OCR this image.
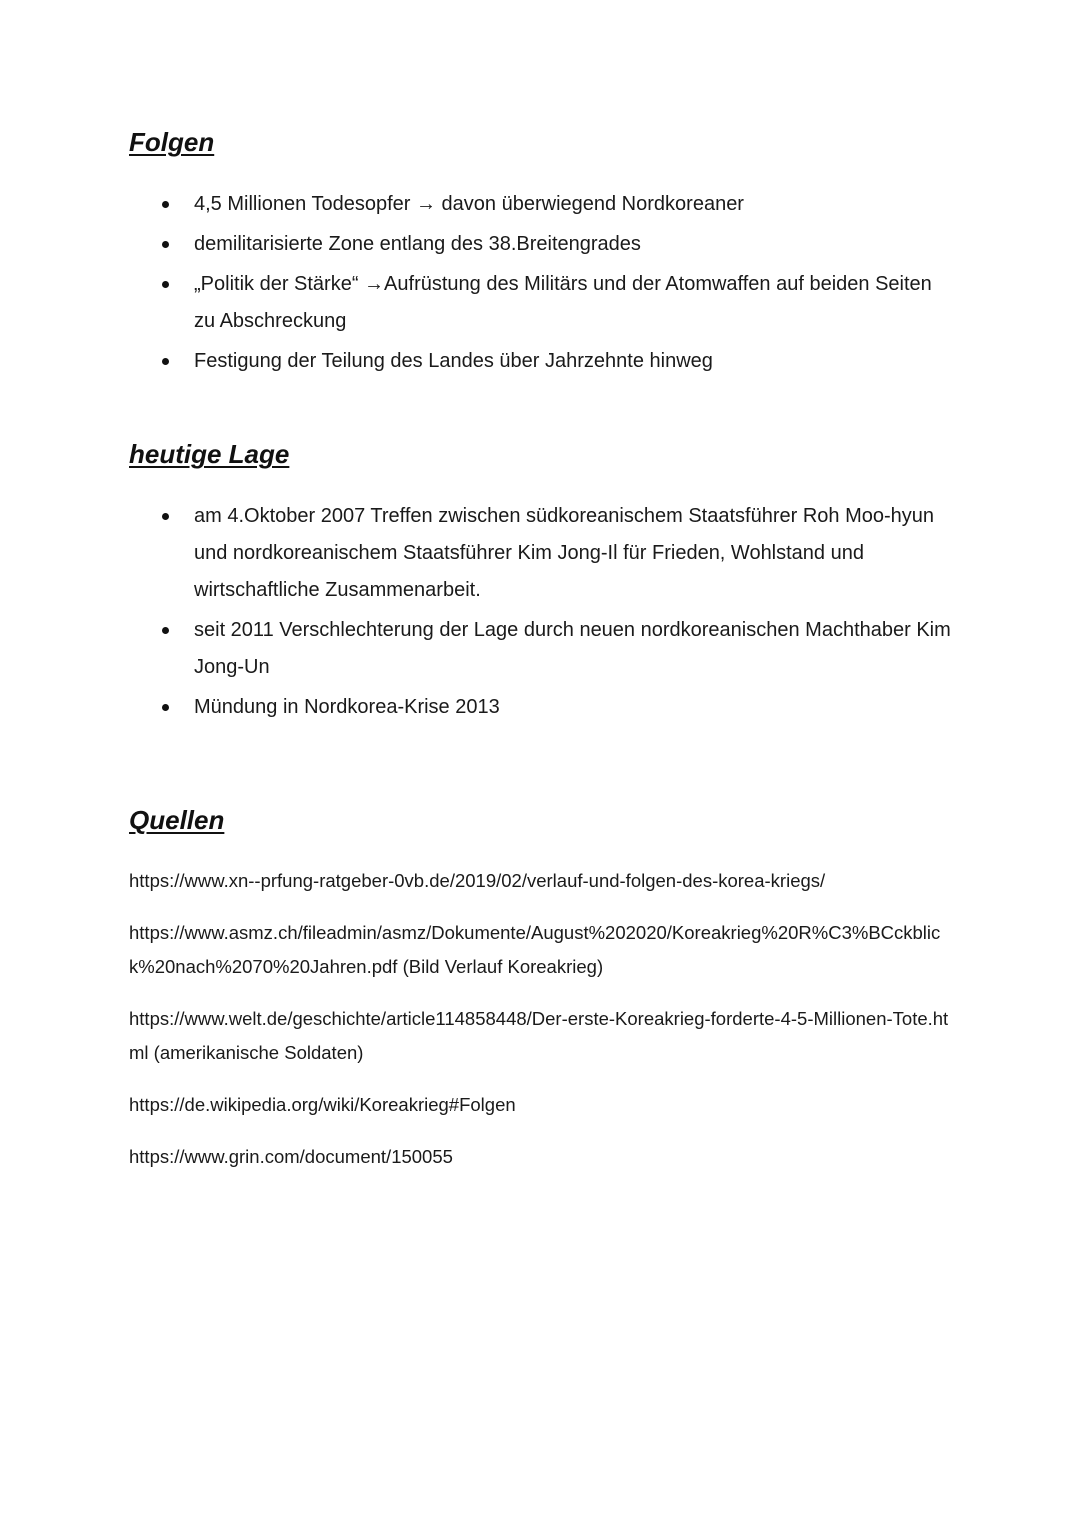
Folgen
4,5 Millionen Todesopfer → davon überwiegend Nordkoreaner
demilitarisierte Zone entlang des 38.Breitengrades
„Politik der Stärke“ →Aufrüstung des Militärs und der Atomwaffen auf beiden Seiten zu Abschreckung
Festigung der Teilung des Landes über Jahrzehnte hinweg
heutige Lage
am 4.Oktober 2007 Treffen zwischen südkoreanischem Staatsführer Roh Moo-hyun und nordkoreanischem Staatsführer Kim Jong-Il für Frieden, Wohlstand und wirtschaftliche Zusammenarbeit.
seit 2011 Verschlechterung der Lage durch neuen nordkoreanischen Machthaber Kim Jong-Un
Mündung in Nordkorea-Krise 2013
Quellen
https://www.xn--prfung-ratgeber-0vb.de/2019/02/verlauf-und-folgen-des-korea-kriegs/
https://www.asmz.ch/fileadmin/asmz/Dokumente/August%202020/Koreakrieg%20R%C3%BCckblick%20nach%2070%20Jahren.pdf (Bild Verlauf Koreakrieg)
https://www.welt.de/geschichte/article114858448/Der-erste-Koreakrieg-forderte-4-5-Millionen-Tote.html (amerikanische Soldaten)
https://de.wikipedia.org/wiki/Koreakrieg#Folgen
https://www.grin.com/document/150055
